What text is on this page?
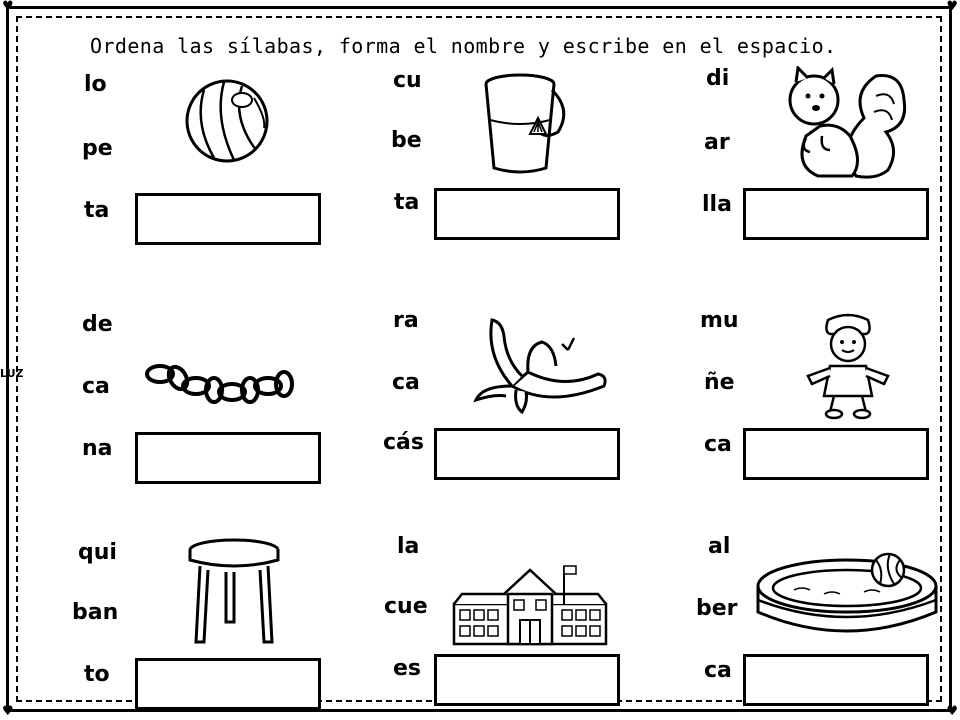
♥	♥
♥	♥
LUZ
Ordena las sílabas, forma el nombre y escribe en el espacio.
lo
pe
ta
cu
be
ta
di
ar
lla
de
ca
na
ra
ca
cás
mu
ñe
ca
qui
ban
to
la
cue
es
al
ber
ca
